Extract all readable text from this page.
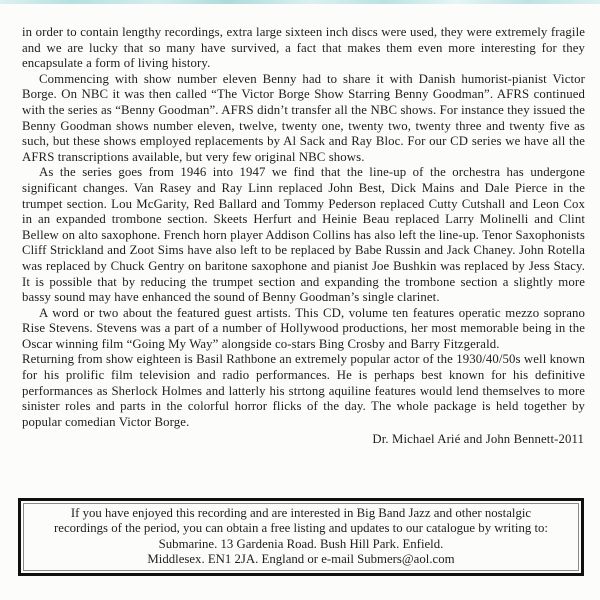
in order to contain lengthy recordings, extra large sixteen inch discs were used, they were extremely fragile and we are lucky that so many have survived, a fact that makes them even more interesting for they encapsulate a form of living history.

Commencing with show number eleven Benny had to share it with Danish humorist-pianist Victor Borge. On NBC it was then called “The Victor Borge Show Starring Benny Goodman”. AFRS continued with the series as “Benny Goodman”. AFRS didn’t transfer all the NBC shows. For instance they issued the Benny Goodman shows number eleven, twelve, twenty one, twenty two, twenty three and twenty five as such, but these shows employed replacements by Al Sack and Ray Bloc. For our CD series we have all the AFRS transcriptions available, but very few original NBC shows.

As the series goes from 1946 into 1947 we find that the line-up of the orchestra has undergone significant changes. Van Rasey and Ray Linn replaced John Best, Dick Mains and Dale Pierce in the trumpet section. Lou McGarity, Red Ballard and Tommy Pederson replaced Cutty Cutshall and Leon Cox in an expanded trombone section. Skeets Herfurt and Heinie Beau replaced Larry Molinelli and Clint Bellew on alto saxophone. French horn player Addison Collins has also left the line-up. Tenor Saxophonists Cliff Strickland and Zoot Sims have also left to be replaced by Babe Russin and Jack Chaney. John Rotella was replaced by Chuck Gentry on baritone saxophone and pianist Joe Bushkin was replaced by Jess Stacy. It is possible that by reducing the trumpet section and expanding the trombone section a slightly more bassy sound may have enhanced the sound of Benny Goodman’s single clarinet.

A word or two about the featured guest artists. This CD, volume ten features operatic mezzo soprano Rise Stevens. Stevens was a part of a number of Hollywood productions, her most memorable being in the Oscar winning film “Going My Way” alongside co-stars Bing Crosby and Barry Fitzgerald.

Returning from show eighteen is Basil Rathbone an extremely popular actor of the 1930/40/50s well known for his prolific film television and radio performances. He is perhaps best known for his definitive performances as Sherlock Holmes and latterly his strtong aquiline features would lend themselves to more sinister roles and parts in the colorful horror flicks of the day. The whole package is held together by popular comedian Victor Borge.

Dr. Michael Arié and John Bennett-2011
If you have enjoyed this recording and are interested in Big Band Jazz and other nostalgic
recordings of the period, you can obtain a free listing and updates to our catalogue by writing to:
Submarine. 13 Gardenia Road. Bush Hill Park. Enfield.
Middlesex. EN1 2JA. England or e-mail Submers@aol.com
